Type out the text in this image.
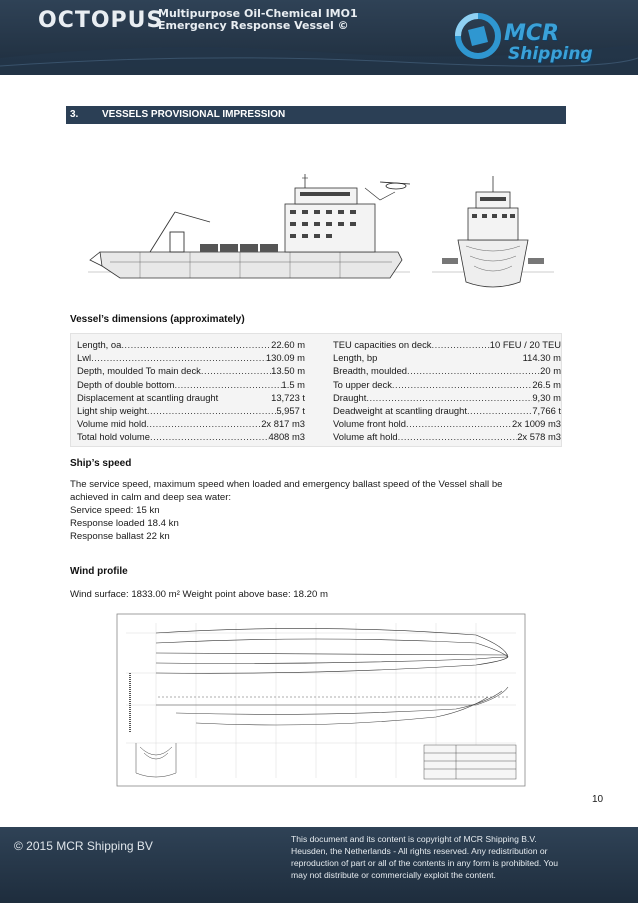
OCTOPUS
Multipurpose Oil-Chemical IMO1
Emergency Response Vessel ©	MCR
Shipping
3. VESSELS PROVISIONAL IMPRESSION
Vessel’s dimensions (approximately)
Length, oa .....	22.60 m
Lwl .....	130.09 m
Depth, moulded To main deck .....	13.50 m
Depth of double bottom .....	1.5 m
Displacement at scantling draught	13,723 t
Light ship weight .....	5,957 t
Volume mid hold .....	2x 817 m3
Total hold volume .....	4808 m3
TEU capacities on deck .....	10 FEU / 20 TEU
Length, bp	114.30 m
Breadth, moulded .....	20 m
To upper deck .....	26.5 m
Draught .....	9,30 m
Deadweight at scantling draught .....	7,766 t
Volume front hold .....	2x 1009 m3
Volume aft hold .....	2x 578 m3
Ship’s speed
The service speed, maximum speed when loaded and emergency ballast speed of the Vessel shall be
achieved in calm and deep sea water:
Service speed: 15 kn
Response loaded 18.4 kn
Response ballast 22 kn
Wind profile
Wind surface: 1833.00 m² Weight point above base: 18.20 m
10
© 2015 MCR Shipping BV	This document and its content is copyright of MCR Shipping B.V.
Heusden, the Netherlands - All rights reserved. Any redistribution or
reproduction of part or all of the contents in any form is prohibited. You
may not distribute or commercially exploit the content.
